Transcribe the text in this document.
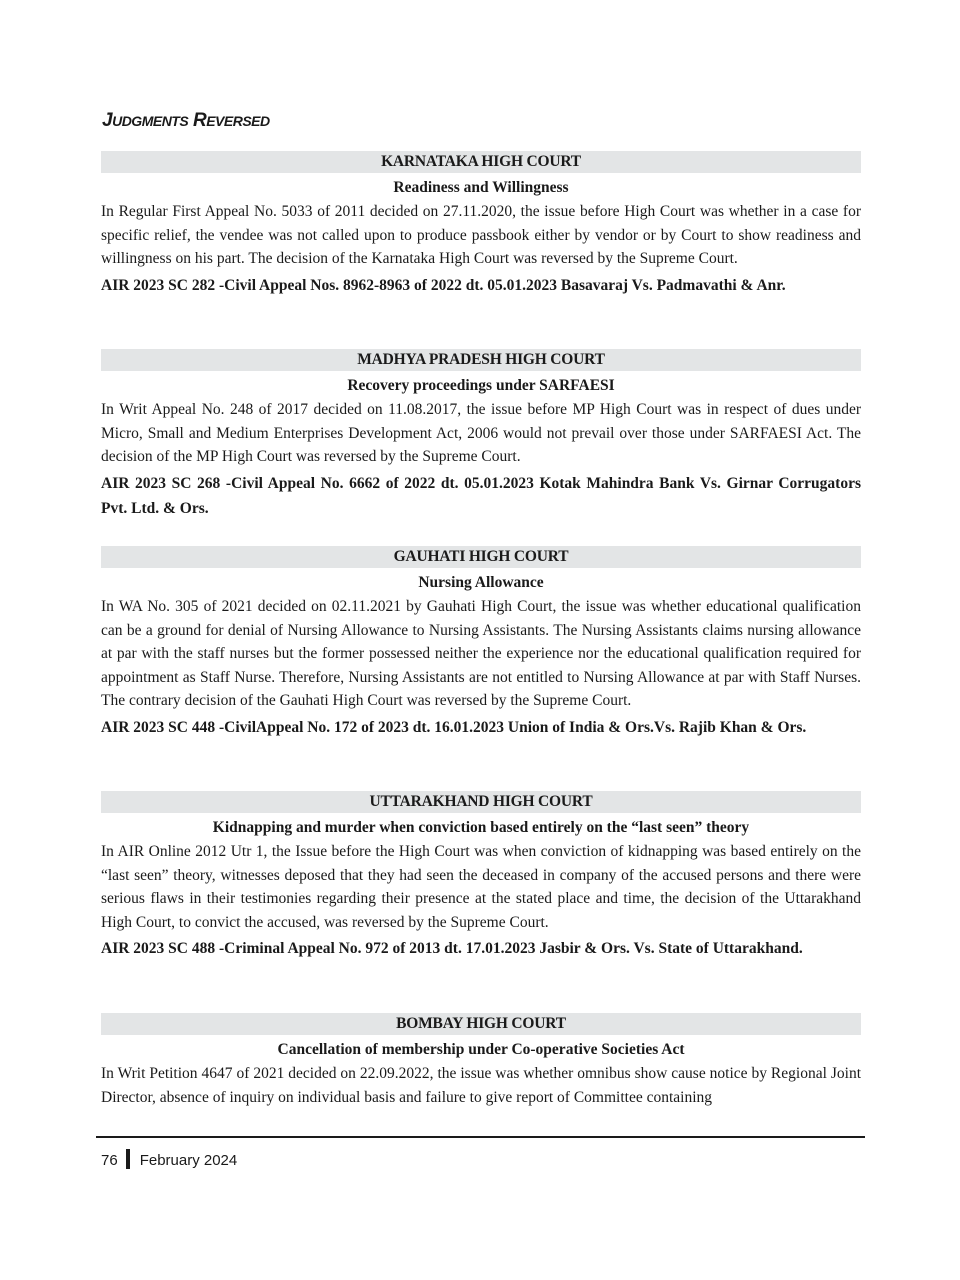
JUDGMENTS REVERSED
KARNATAKA HIGH COURT
Readiness and Willingness

In Regular First Appeal No. 5033 of 2011 decided on 27.11.2020, the issue before High Court was whether in a case for specific relief, the vendee was not called upon to produce passbook either by vendor or by Court to show readiness and willingness on his part. The decision of the Karnataka High Court was reversed by the Supreme Court.

AIR 2023 SC 282 -Civil Appeal Nos. 8962-8963 of 2022 dt. 05.01.2023 Basavaraj Vs. Padmavathi & Anr.
MADHYA PRADESH HIGH COURT
Recovery proceedings under SARFAESI

In Writ Appeal No. 248 of 2017 decided on 11.08.2017, the issue before MP High Court was in respect of dues under Micro, Small and Medium Enterprises Development Act, 2006 would not prevail over those under SARFAESI Act. The decision of the MP High Court was reversed by the Supreme Court.

AIR 2023 SC 268 -Civil Appeal No. 6662 of 2022 dt. 05.01.2023 Kotak Mahindra Bank Vs. Girnar Corrugators Pvt. Ltd. & Ors.
GAUHATI HIGH COURT
Nursing Allowance

In WA No. 305 of 2021 decided on 02.11.2021 by Gauhati High Court, the issue was whether educational qualification can be a ground for denial of Nursing Allowance to Nursing Assistants. The Nursing Assistants claims nursing allowance at par with the staff nurses but the former possessed neither the experience nor the educational qualification required for appointment as Staff Nurse. Therefore, Nursing Assistants are not entitled to Nursing Allowance at par with Staff Nurses. The contrary decision of the Gauhati High Court was reversed by the Supreme Court.

AIR 2023 SC 448 -CivilAppeal No. 172 of 2023 dt. 16.01.2023 Union of India & Ors.Vs. Rajib Khan & Ors.
UTTARAKHAND HIGH COURT
Kidnapping and murder when conviction based entirely on the “last seen” theory

In AIR Online 2012 Utr 1, the Issue before the High Court was when conviction of kidnapping was based entirely on the “last seen” theory, witnesses deposed that they had seen the deceased in company of the accused persons and there were serious flaws in their testimonies regarding their presence at the stated place and time, the decision of the Uttarakhand High Court, to convict the accused, was reversed by the Supreme Court.

AIR 2023 SC 488 -Criminal Appeal No. 972 of 2013 dt. 17.01.2023 Jasbir & Ors. Vs. State of Uttarakhand.
BOMBAY HIGH COURT
Cancellation of membership under Co-operative Societies Act

In Writ Petition 4647 of 2021 decided on 22.09.2022, the issue was whether omnibus show cause notice by Regional Joint Director, absence of inquiry on individual basis and failure to give report of Committee containing

76 February 2024
